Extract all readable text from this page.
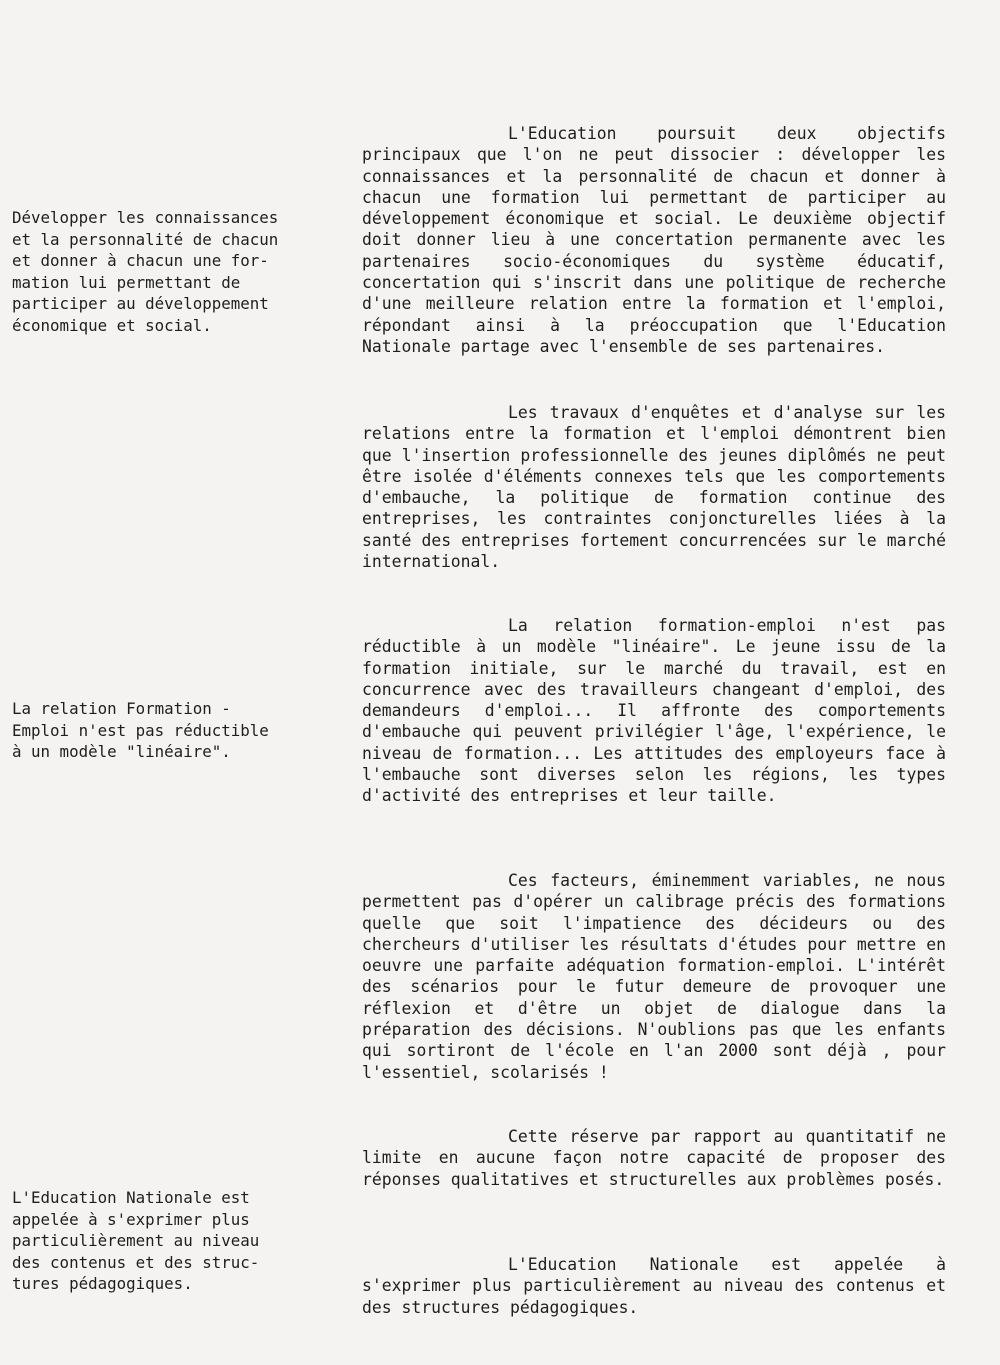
Développer les connaissances
et la personnalité de chacun
et donner à chacun une for-
mation lui permettant de
participer au développement
économique et social.
La relation Formation -
Emploi n'est pas réductible
à un modèle "linéaire".
L'Education Nationale est
appelée à s'exprimer plus
particulièrement au niveau
des contenus et des struc-
tures pédagogiques.

L'Education poursuit deux objectifs principaux que l'on ne peut dissocier : développer les connaissances et la personnalité de chacun et donner à chacun une formation lui permettant de participer au développement économique et social. Le deuxième objectif doit donner lieu à une concertation permanente avec les partenaires socio-économiques du système éducatif, concertation qui s'inscrit dans une politique de recherche d'une meilleure relation entre la formation et l'emploi, répondant ainsi à la préoccupation que l'Education Nationale partage avec l'ensemble de ses partenaires.

Les travaux d'enquêtes et d'analyse sur les relations entre la formation et l'emploi démontrent bien que l'insertion professionnelle des jeunes diplômés ne peut être isolée d'éléments connexes tels que les comportements d'embauche, la politique de formation continue des entreprises, les contraintes conjoncturelles liées à la santé des entreprises fortement concurrencées sur le marché international.

La relation formation-emploi n'est pas réductible à un modèle "linéaire". Le jeune issu de la formation initiale, sur le marché du travail, est en concurrence avec des travailleurs changeant d'emploi, des demandeurs d'emploi... Il affronte des comportements d'embauche qui peuvent privilégier l'âge, l'expérience, le niveau de formation... Les attitudes des employeurs face à l'embauche sont diverses selon les régions, les types d'activité des entreprises et leur taille.

Ces facteurs, éminemment variables, ne nous permettent pas d'opérer un calibrage précis des formations quelle que soit l'impatience des décideurs ou des chercheurs d'utiliser les résultats d'études pour mettre en oeuvre une parfaite adéquation formation-emploi. L'intérêt des scénarios pour le futur demeure de provoquer une réflexion et d'être un objet de dialogue dans la préparation des décisions. N'oublions pas que les enfants qui sortiront de l'école en l'an 2000 sont déjà , pour l'essentiel, scolarisés !

Cette réserve par rapport au quantitatif ne limite en aucune façon notre capacité de proposer des réponses qualitatives et structurelles aux problèmes posés.

L'Education Nationale est appelée à s'exprimer plus particulièrement au niveau des contenus et des structures pédagogiques.
